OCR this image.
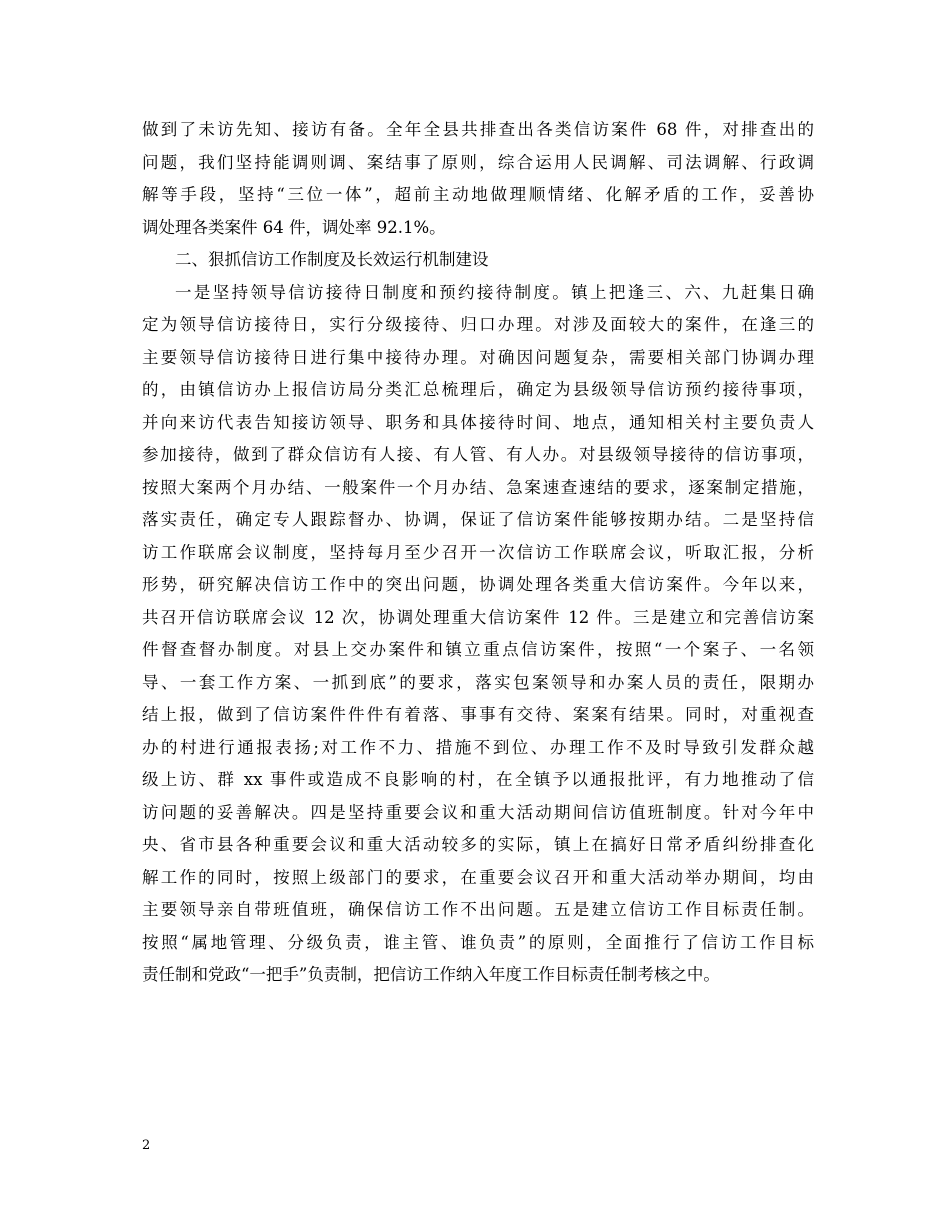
做到了未访先知、接访有备。全年全县共排查出各类信访案件 68 件，对排查出的
问题，我们坚持能调则调、案结事了原则，综合运用人民调解、司法调解、行政调
解等手段，坚持“三位一体”，超前主动地做理顺情绪、化解矛盾的工作，妥善协
调处理各类案件 64 件，调处率 92.1%。
二、狠抓信访工作制度及长效运行机制建设
一是坚持领导信访接待日制度和预约接待制度。镇上把逢三、六、九赶集日确
定为领导信访接待日，实行分级接待、归口办理。对涉及面较大的案件，在逢三的
主要领导信访接待日进行集中接待办理。对确因问题复杂，需要相关部门协调办理
的，由镇信访办上报信访局分类汇总梳理后，确定为县级领导信访预约接待事项，
并向来访代表告知接访领导、职务和具体接待时间、地点，通知相关村主要负责人
参加接待，做到了群众信访有人接、有人管、有人办。对县级领导接待的信访事项，
按照大案两个月办结、一般案件一个月办结、急案速查速结的要求，逐案制定措施，
落实责任，确定专人跟踪督办、协调，保证了信访案件能够按期办结。二是坚持信
访工作联席会议制度，坚持每月至少召开一次信访工作联席会议，听取汇报，分析
形势，研究解决信访工作中的突出问题，协调处理各类重大信访案件。今年以来，
共召开信访联席会议 12 次，协调处理重大信访案件 12 件。三是建立和完善信访案
件督查督办制度。对县上交办案件和镇立重点信访案件，按照“一个案子、一名领
导、一套工作方案、一抓到底”的要求，落实包案领导和办案人员的责任，限期办
结上报，做到了信访案件件件有着落、事事有交待、案案有结果。同时，对重视查
办的村进行通报表扬;对工作不力、措施不到位、办理工作不及时导致引发群众越
级上访、群 xx 事件或造成不良影响的村，在全镇予以通报批评，有力地推动了信
访问题的妥善解决。四是坚持重要会议和重大活动期间信访值班制度。针对今年中
央、省市县各种重要会议和重大活动较多的实际，镇上在搞好日常矛盾纠纷排查化
解工作的同时，按照上级部门的要求，在重要会议召开和重大活动举办期间，均由
主要领导亲自带班值班，确保信访工作不出问题。五是建立信访工作目标责任制。
按照“属地管理、分级负责，谁主管、谁负责”的原则，全面推行了信访工作目标
责任制和党政“一把手”负责制，把信访工作纳入年度工作目标责任制考核之中。
2
